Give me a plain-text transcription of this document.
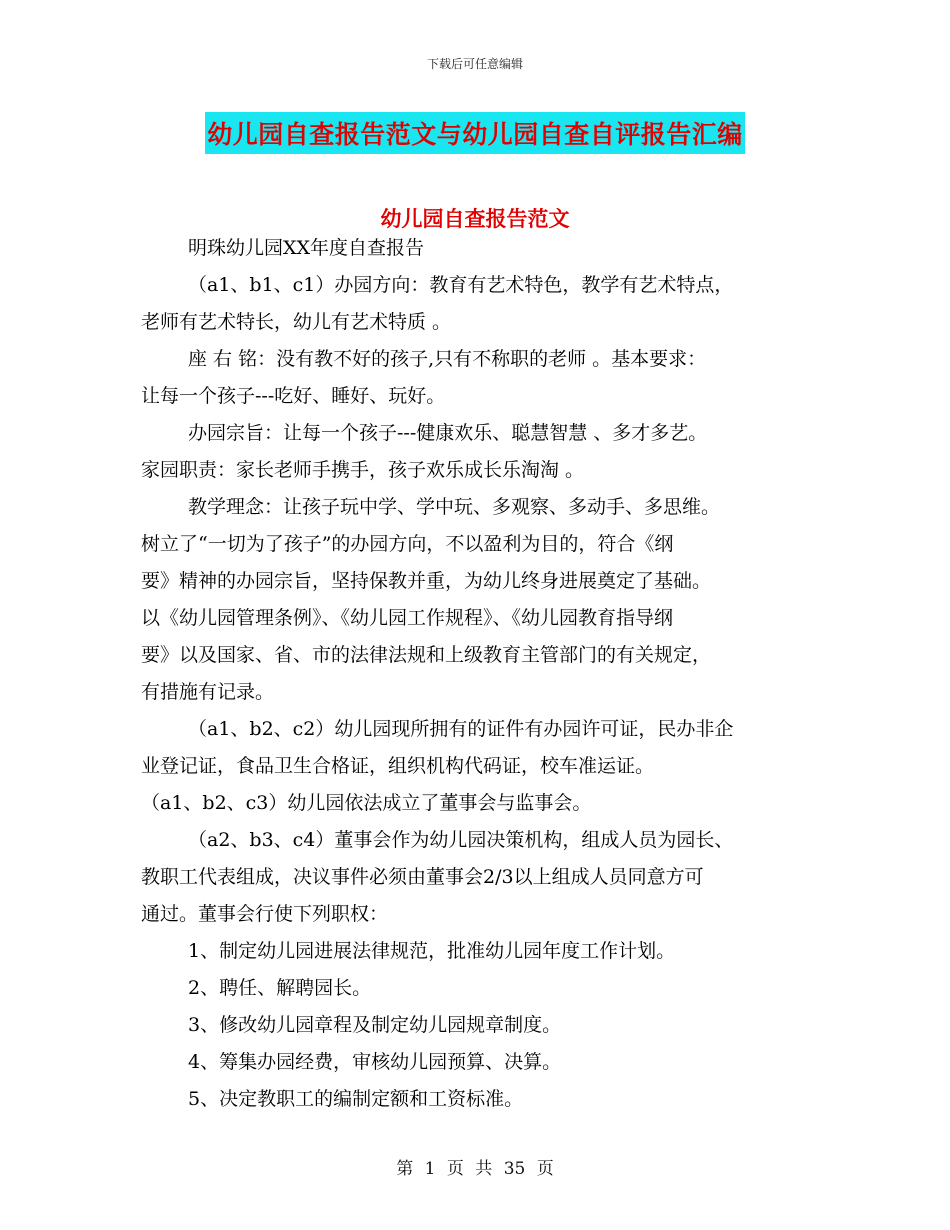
下载后可任意编辑
幼儿园自查报告范文与幼儿园自查自评报告汇编
幼儿园自查报告范文

明珠幼儿园XX年度自查报告

（a1、b1、c1）办园方向：教育有艺术特色，教学有艺术特点，

老师有艺术特长，幼儿有艺术特质 。

座 右 铭：没有教不好的孩子,只有不称职的老师 。基本要求：

让每一个孩子---吃好、睡好、玩好。

办园宗旨：让每一个孩子---健康欢乐、聪慧智慧 、多才多艺。

家园职责：家长老师手携手，孩子欢乐成长乐淘淘 。

教学理念：让孩子玩中学、学中玩、多观察、多动手、多思维。

树立了“一切为了孩子”的办园方向，不以盈利为目的，符合《纲

要》精神的办园宗旨，坚持保教并重，为幼儿终身进展奠定了基础。

以《幼儿园管理条例》、《幼儿园工作规程》、《幼儿园教育指导纲

要》以及国家、省、市的法律法规和上级教育主管部门的有关规定，

有措施有记录。

（a1、b2、c2）幼儿园现所拥有的证件有办园许可证，民办非企

业登记证，食品卫生合格证，组织机构代码证，校车准运证。

（a1、b2、c3）幼儿园依法成立了董事会与监事会。

（a2、b3、c4）董事会作为幼儿园决策机构，组成人员为园长、

教职工代表组成，决议事件必须由董事会2/3以上组成人员同意方可

通过。董事会行使下列职权：

1、制定幼儿园进展法律规范，批准幼儿园年度工作计划。

2、聘任、解聘园长。

3、修改幼儿园章程及制定幼儿园规章制度。

4、筹集办园经费，审核幼儿园预算、决算。

5、决定教职工的编制定额和工资标准。

第 1 页 共 35 页
